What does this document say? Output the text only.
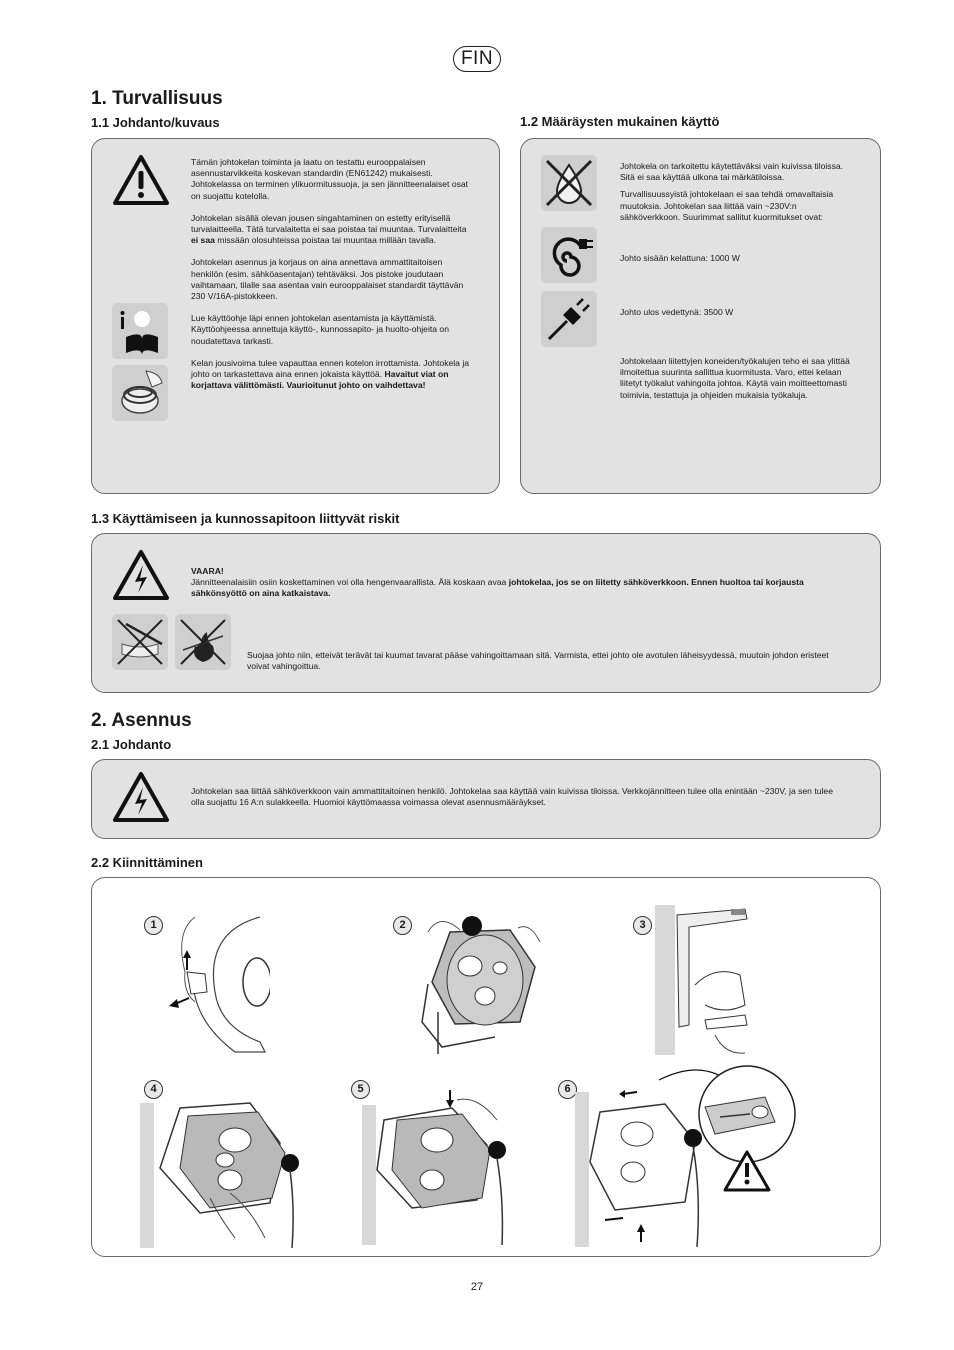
FIN
1. Turvallisuus
1.1 Johdanto/kuvaus	1.2 Määräysten mukainen käyttö

Tämän johtokelan toiminta ja laatu on testattu eurooppalaisen asennustarvikkeita koskevan standardin (EN61242) mukaisesti. Johtokelassa on terminen ylikuormitussuoja, ja sen jännitteenalaiset osat on suojattu kotelolla.

Johtokelan sisällä olevan jousen singahtaminen on estetty erityisellä turvalaitteella. Tätä turvalaitetta ei saa poistaa tai muuntaa. Turvalaitteita ei saa missään olosuhteissa poistaa tai muuntaa millään tavalla.

Johtokelan asennus ja korjaus on aina annettava ammattitaitoisen henkilön (esim. sähköasentajan) tehtäväksi. Jos pistoke joudutaan vaihtamaan, tilalle saa asentaa vain eurooppalaiset standardit täyttävän 230 V/16A-pistokkeen.

Lue käyttöohje läpi ennen johtokelan asentamista ja käyttämistä. Käyttöohjeessa annettuja käyttö-, kunnossapito- ja huolto-ohjeita on noudatettava tarkasti.

Kelan jousivoima tulee vapauttaa ennen kotelon irrottamista. Johtokela ja johto on tarkastettava aina ennen jokaista käyttöä. Havaitut viat on korjattava välittömästi. Vaurioitunut johto on vaihdettava!

Johtokela on tarkoitettu käytettäväksi vain kuivissa tiloissa. Sitä ei saa käyttää ulkona tai märkätiloissa.

Turvallisuussyistä johtokelaan ei saa tehdä omavaltaisia muutoksia. Johtokelan saa liittää vain ~230V:n sähköverkkoon. Suurimmat sallitut kuormitukset ovat:

Johto sisään kelattuna: 1000 W

Johto ulos vedettynä: 3500 W

Johtokelaan liitettyjen koneiden/työkalujen teho ei saa ylittää ilmoitettua suurinta sallittua kuormitusta. Varo, ettei kelaan liitetyt työkalut vahingoita johtoa. Käytä vain moitteettomasti toimivia, testattuja ja ohjeiden mukaisia työkaluja.

1.3 Käyttämiseen ja kunnossapitoon liittyvät riskit

VAARA!

Jännitteenalaisiin osiin koskettaminen voi olla hengenvaarallista. Älä koskaan avaa johtokelaa, jos se on liitetty sähköverkkoon. Ennen huoltoa tai korjausta sähkönsyöttö on aina katkaistava.

Suojaa johto niin, etteivät terävät tai kuumat tavarat pääse vahingoittamaan sitä. Varmista, ettei johto ole avotulen läheisyydessä, muutoin johdon eristeet voivat vahingoittua.

2. Asennus
2.1 Johdanto

Johtokelan saa liittää sähköverkkoon vain ammattitaitoinen henkilö. Johtokelaa saa käyttää vain kuivissa tiloissa. Verkkojännitteen tulee olla enintään ~230V, ja sen tulee olla suojattu 16 A:n sulakkeella. Huomioi käyttömaassa voimassa olevat asennusmääräykset.

2.2 Kiinnittäminen
1	2	3
4	5	6
27
